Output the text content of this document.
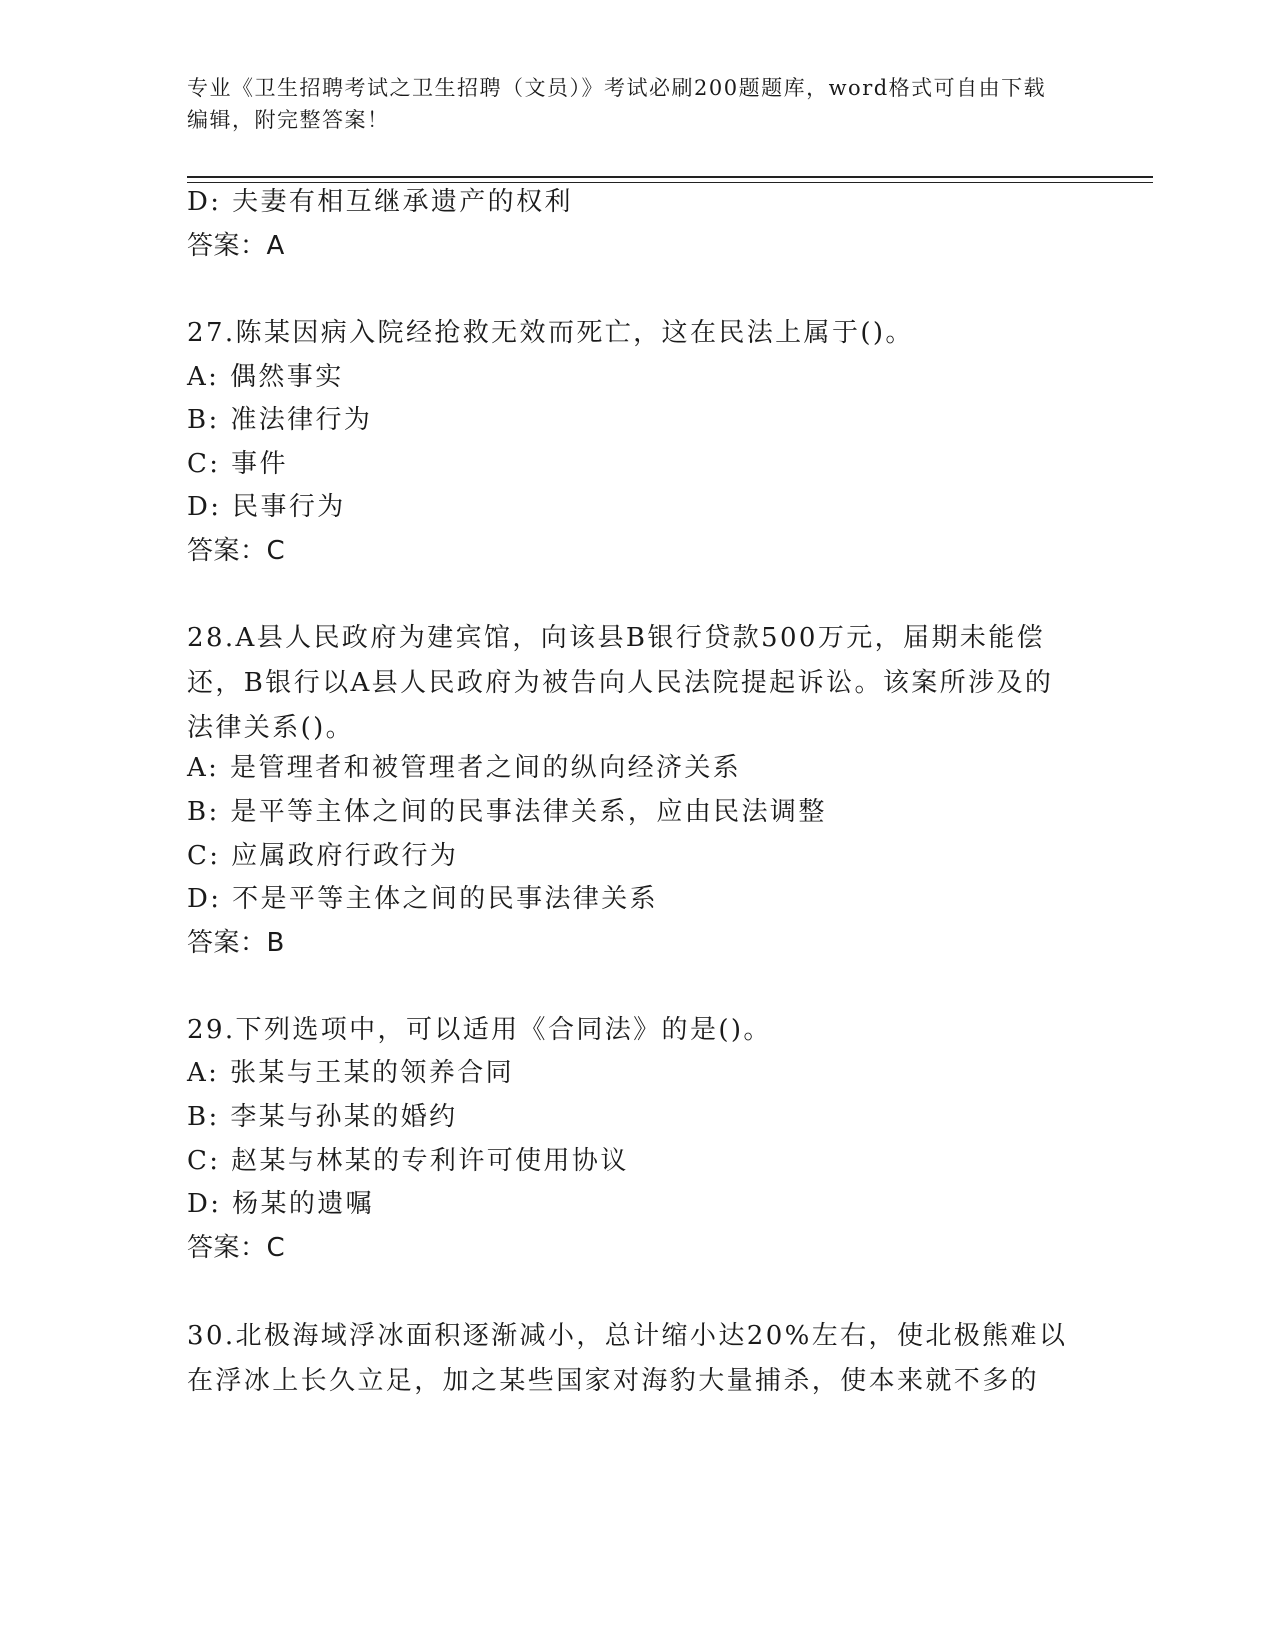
专业《卫生招聘考试之卫生招聘（文员）》考试必刷200题题库，word格式可自由下载编辑，附完整答案！
D: 夫妻有相互继承遗产的权利
答案：A
27.陈某因病入院经抢救无效而死亡，这在民法上属于()。
A: 偶然事实
B: 准法律行为
C: 事件
D: 民事行为
答案：C
28.A县人民政府为建宾馆，向该县B银行贷款500万元，届期未能偿还，B银行以A县人民政府为被告向人民法院提起诉讼。该案所涉及的法律关系()。
A: 是管理者和被管理者之间的纵向经济关系
B: 是平等主体之间的民事法律关系，应由民法调整
C: 应属政府行政行为
D: 不是平等主体之间的民事法律关系
答案：B
29.下列选项中，可以适用《合同法》的是()。
A: 张某与王某的领养合同
B: 李某与孙某的婚约
C: 赵某与林某的专利许可使用协议
D: 杨某的遗嘱
答案：C
30.北极海域浮冰面积逐渐减小，总计缩小达20%左右，使北极熊难以在浮冰上长久立足，加之某些国家对海豹大量捕杀，使本来就不多的
